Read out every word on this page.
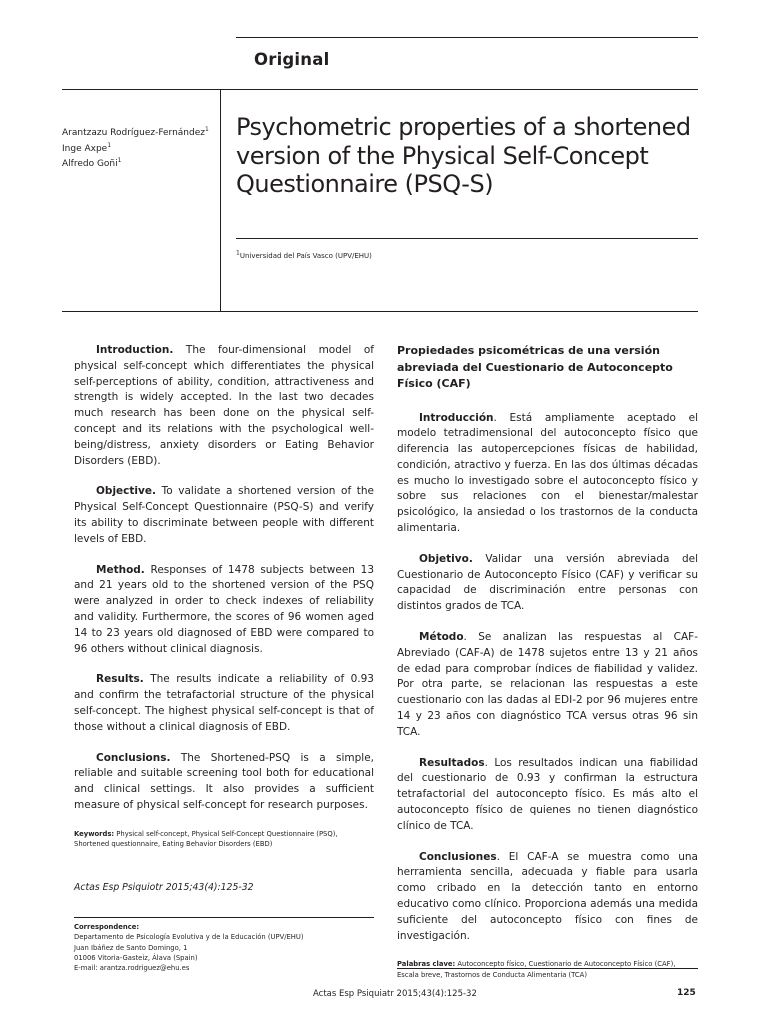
Original
Arantzazu Rodríguez-Fernández$^1$
Inge Axpe$^1$
Alfredo Goñi$^1$
Psychometric properties of a shortened version of the Physical Self-Concept Questionnaire (PSQ-S)
$^1$Universidad del País Vasco (UPV/EHU)

Introduction. The four-dimensional model of physical self-concept which differentiates the physical self-perceptions of ability, condition, attractiveness and strength is widely accepted. In the last two decades much research has been done on the physical self-concept and its relations with the psychological well-being/distress, anxiety disorders or Eating Behavior Disorders (EBD).

Objective. To validate a shortened version of the Physical Self-Concept Questionnaire (PSQ-S) and verify its ability to discriminate between people with different levels of EBD.

Method. Responses of 1478 subjects between 13 and 21 years old to the shortened version of the PSQ were analyzed in order to check indexes of reliability and validity. Furthermore, the scores of 96 women aged 14 to 23 years old diagnosed of EBD were compared to 96 others without clinical diagnosis.

Results. The results indicate a reliability of 0.93 and confirm the tetrafactorial structure of the physical self-concept. The highest physical self-concept is that of those without a clinical diagnosis of EBD.

Conclusions. The Shortened-PSQ is a simple, reliable and suitable screening tool both for educational and clinical settings. It also provides a sufficient measure of physical self-concept for research purposes.

Keywords: Physical self-concept, Physical Self-Concept Questionnaire (PSQ), Shortened questionnaire, Eating Behavior Disorders (EBD)
Actas Esp Psiquiotr 2015;43(4):125-32
Propiedades psicométricas de una versión abreviada del Cuestionario de Autoconcepto Físico (CAF)

Introducción. Está ampliamente aceptado el modelo tetradimensional del autoconcepto físico que diferencia las autopercepciones físicas de habilidad, condición, atractivo y fuerza. En las dos últimas décadas es mucho lo investigado sobre el autoconcepto físico y sobre sus relaciones con el bienestar/malestar psicológico, la ansiedad o los trastornos de la conducta alimentaria.

Objetivo. Validar una versión abreviada del Cuestionario de Autoconcepto Físico (CAF) y verificar su capacidad de discriminación entre personas con distintos grados de TCA.

Método. Se analizan las respuestas al CAF-Abreviado (CAF-A) de 1478 sujetos entre 13 y 21 años de edad para comprobar índices de fiabilidad y validez. Por otra parte, se relacionan las respuestas a este cuestionario con las dadas al EDI-2 por 96 mujeres entre 14 y 23 años con diagnóstico TCA versus otras 96 sin TCA.

Resultados. Los resultados indican una fiabilidad del cuestionario de 0.93 y confirman la estructura tetrafactorial del autoconcepto físico. Es más alto el autoconcepto físico de quienes no tienen diagnóstico clínico de TCA.

Conclusiones. El CAF-A se muestra como una herramienta sencilla, adecuada y fiable para usarla como cribado en la detección tanto en entorno educativo como clínico. Proporciona además una medida suficiente del autoconcepto físico con fines de investigación.

Palabras clave: Autoconcepto físico, Cuestionario de Autoconcepto Físico (CAF), Escala breve, Trastornos de Conducta Alimentaria (TCA)
Correspondence:
Departamento de Psicología Evolutiva y de la Educación (UPV/EHU)
Juan Ibáñez de Santo Domingo, 1
01006 Vitoria-Gasteiz, Álava (Spain)
E-mail: arantza.rodriguez@ehu.es
Actas Esp Psiquiatr 2015;43(4):125-32	125
